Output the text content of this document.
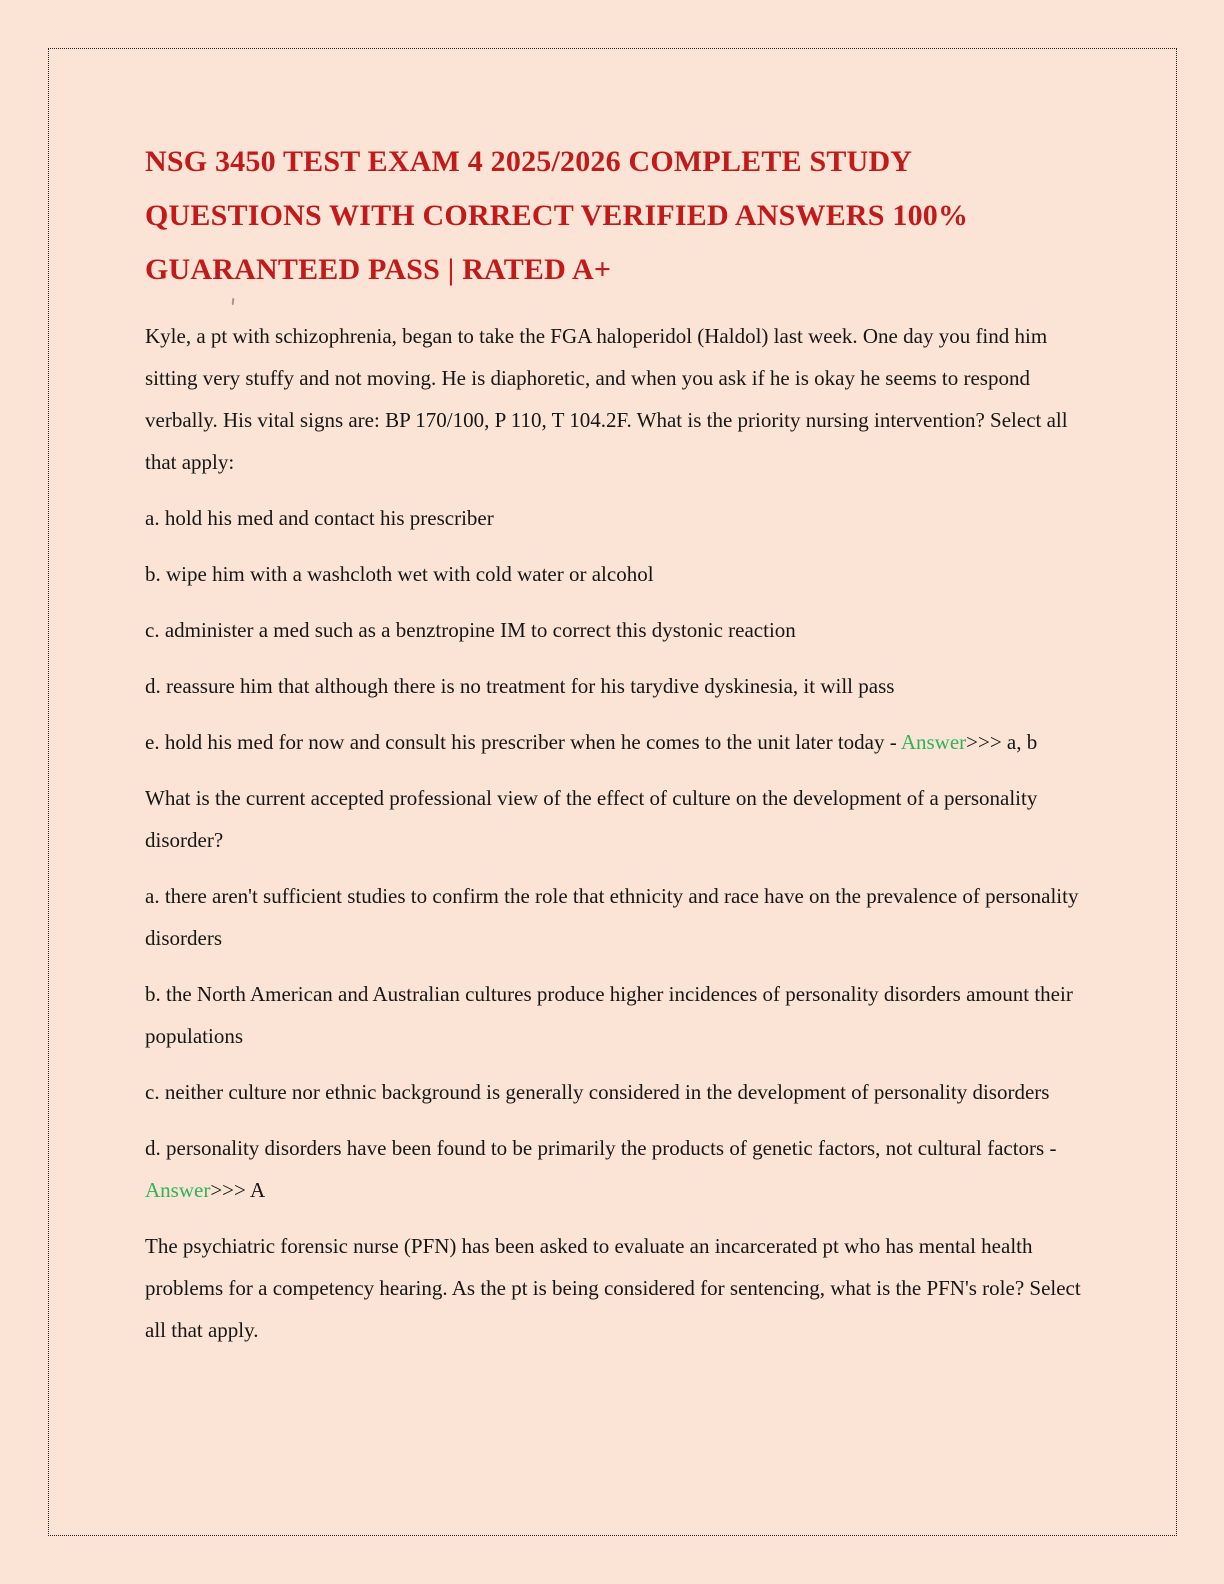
NSG 3450 TEST EXAM 4 2025/2026 COMPLETE STUDY
QUESTIONS WITH CORRECT VERIFIED ANSWERS 100%
GUARANTEED PASS | RATED A+

Kyle, a pt with schizophrenia, began to take the FGA haloperidol (Haldol) last week. One day you find him sitting very stuffy and not moving. He is diaphoretic, and when you ask if he is okay he seems to respond verbally. His vital signs are: BP 170/100, P 110, T 104.2F. What is the priority nursing intervention? Select all that apply:

a. hold his med and contact his prescriber

b. wipe him with a washcloth wet with cold water or alcohol

c. administer a med such as a benztropine IM to correct this dystonic reaction

d. reassure him that although there is no treatment for his tarydive dyskinesia, it will pass

e. hold his med for now and consult his prescriber when he comes to the unit later today - Answer>>> a, b

What is the current accepted professional view of the effect of culture on the development of a personality disorder?

a. there aren't sufficient studies to confirm the role that ethnicity and race have on the prevalence of personality disorders

b. the North American and Australian cultures produce higher incidences of personality disorders amount their populations

c. neither culture nor ethnic background is generally considered in the development of personality disorders

d. personality disorders have been found to be primarily the products of genetic factors, not cultural factors - Answer>>> A

The psychiatric forensic nurse (PFN) has been asked to evaluate an incarcerated pt who has mental health problems for a competency hearing. As the pt is being considered for sentencing, what is the PFN's role? Select all that apply.
